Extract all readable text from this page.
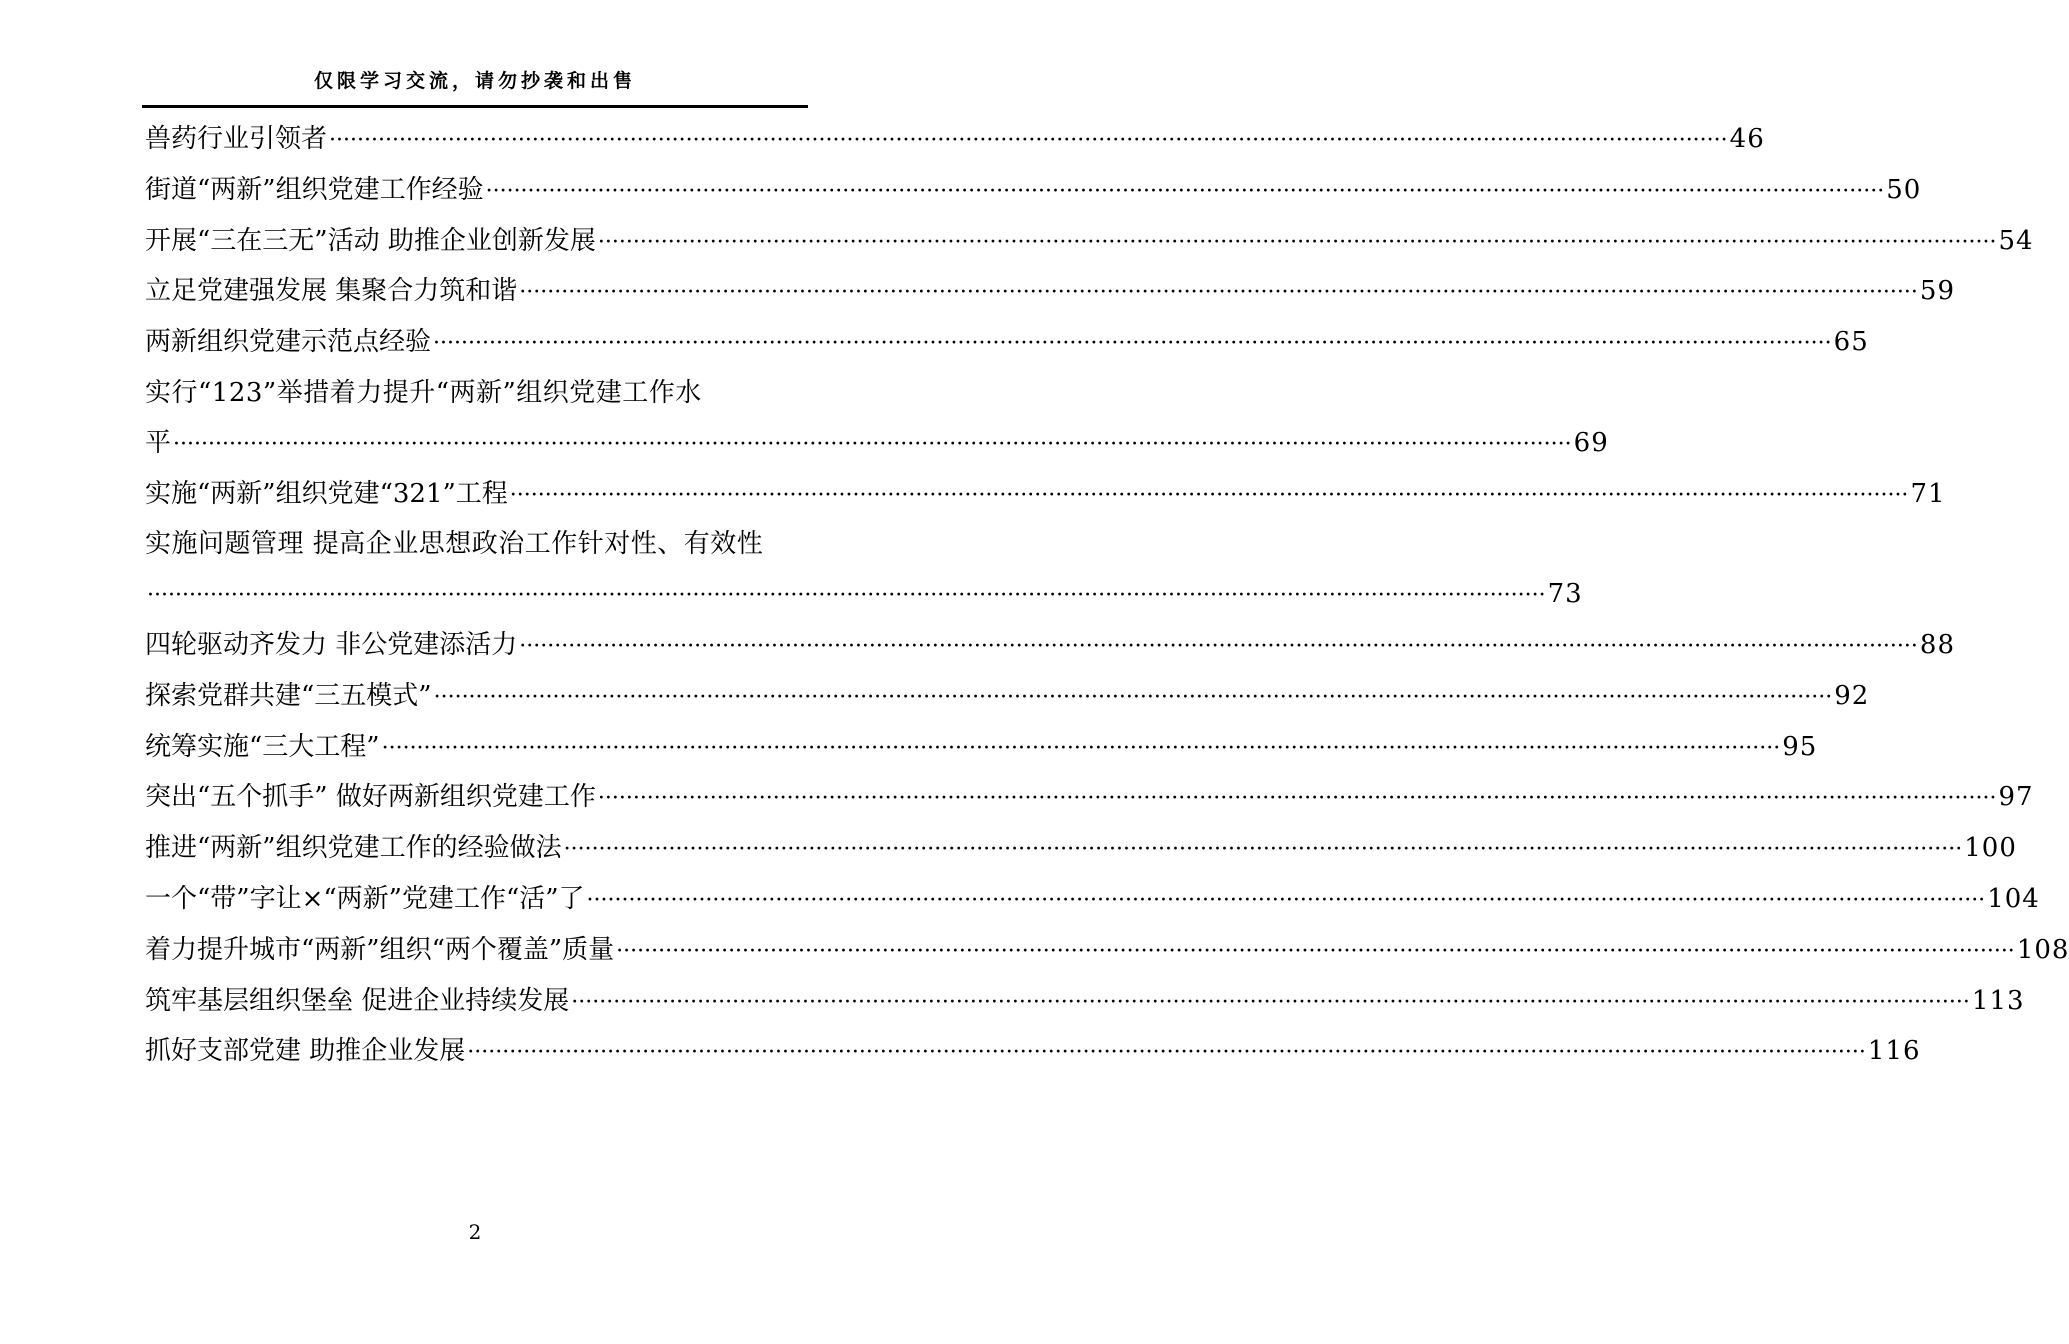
仅限学习交流，请勿抄袭和出售
兽药行业引领者 ········································································································································································································ 46
街道“两新”组织党建工作经验 ········································································································································································································ 50
开展“三在三无”活动 助推企业创新发展 ········································································································································································································ 54
立足党建强发展 集聚合力筑和谐 ········································································································································································································ 59
两新组织党建示范点经验 ········································································································································································································ 65
实行“123”举措着力提升“两新”组织党建工作水
平 ········································································································································································································ 69
实施“两新”组织党建“321”工程 ········································································································································································································ 71
实施问题管理 提高企业思想政治工作针对性、有效性
········································································································································································································ 73
四轮驱动齐发力 非公党建添活力 ········································································································································································································ 88
探索党群共建“三五模式” ········································································································································································································ 92
统筹实施“三大工程” ········································································································································································································ 95
突出“五个抓手” 做好两新组织党建工作 ········································································································································································································ 97
推进“两新”组织党建工作的经验做法 ········································································································································································································ 100
一个“带”字让×“两新”党建工作“活”了 ········································································································································································································ 104
着力提升城市“两新”组织“两个覆盖”质量 ········································································································································································································ 108
筑牢基层组织堡垒 促进企业持续发展 ········································································································································································································ 113
抓好支部党建 助推企业发展 ········································································································································································································ 116
2
